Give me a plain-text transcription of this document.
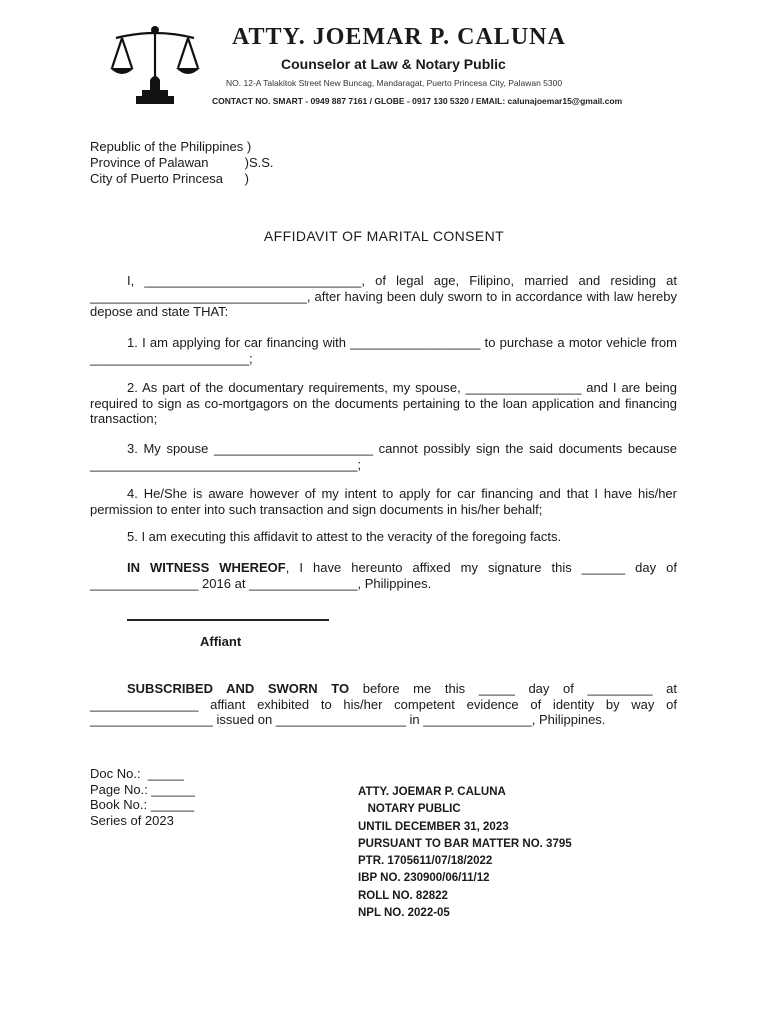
ATTY. JOEMAR P. CALUNA
Counselor at Law & Notary Public
NO. 12-A Talakitok Street New Buncag, Mandaragat, Puerto Princesa City, Palawan 5300
CONTACT NO. SMART - 0949 887 7161 / GLOBE - 0917 130 5320 / EMAIL: calunajoemar15@gmail.com
Republic of the Philippines )
Province of Palawan          )S.S.
City of Puerto Princesa      )
AFFIDAVIT OF MARITAL CONSENT
I, ______________________________, of legal age, Filipino, married and residing at ______________________________, after having been duly sworn to in accordance with law hereby depose and state THAT:
1. I am applying for car financing with __________________ to purchase a motor vehicle from ______________________;
2. As part of the documentary requirements, my spouse, ________________ and I are being required to sign as co-mortgagors on the documents pertaining to the loan application and financing transaction;
3. My spouse ______________________ cannot possibly sign the said documents because _____________________________________;
4. He/She is aware however of my intent to apply for car financing and that I have his/her permission to enter into such transaction and sign documents in his/her behalf;
5. I am executing this affidavit to attest to the veracity of the foregoing facts.
IN WITNESS WHEREOF, I have hereunto affixed my signature this ______ day of _______________ 2016 at _______________, Philippines.
Affiant
SUBSCRIBED AND SWORN TO before me this _____ day of _________ at _______________ affiant exhibited to his/her competent evidence of identity by way of _________________ issued on __________________ in _______________, Philippines.
Doc No.:  _____
Page No.: ______
Book No.: ______
Series of 2023
ATTY. JOEMAR P. CALUNA
NOTARY PUBLIC
UNTIL DECEMBER 31, 2023
PURSUANT TO BAR MATTER NO. 3795
PTR. 1705611/07/18/2022
IBP NO. 230900/06/11/12
ROLL NO. 82822
NPL NO. 2022-05
